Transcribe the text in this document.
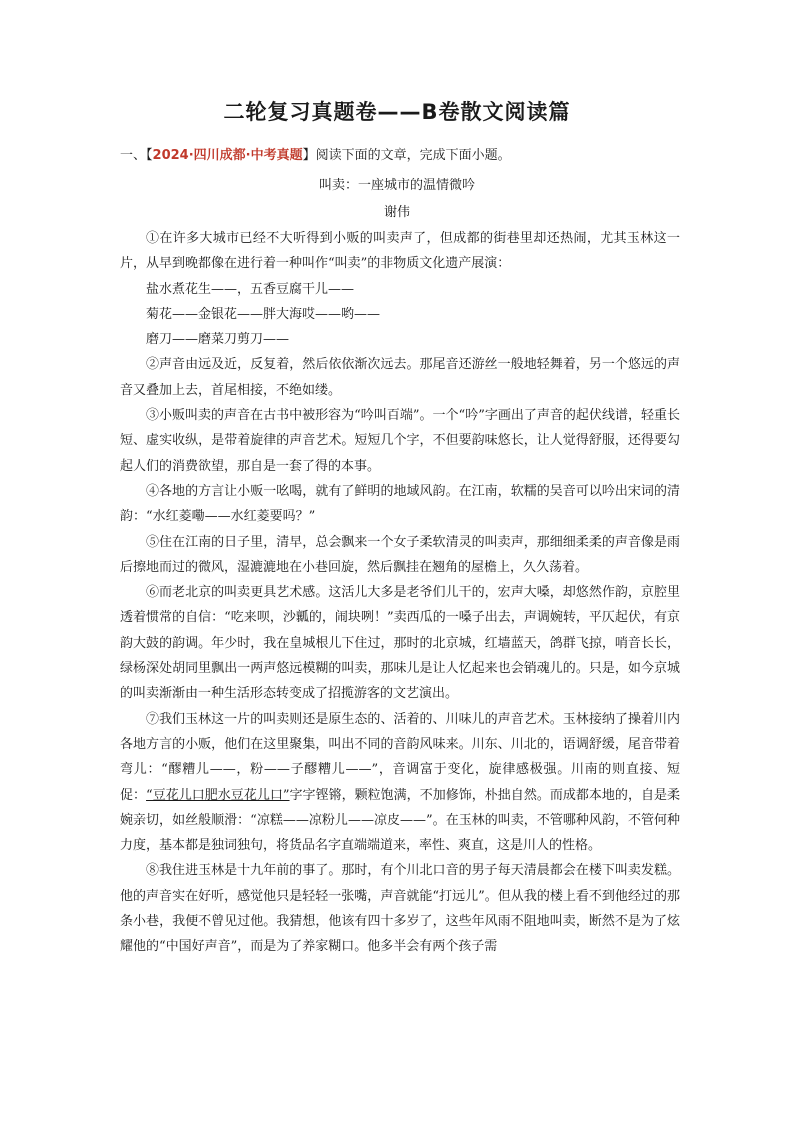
二轮复习真题卷——B卷散文阅读篇

一、【2024·四川成都·中考真题】阅读下面的文章，完成下面小题。

叫卖：一座城市的温情微吟

谢伟

①在许多大城市已经不大听得到小贩的叫卖声了，但成都的街巷里却还热闹，尤其玉林这一片，从早到晚都像在进行着一种叫作“叫卖”的非物质文化遗产展演：

盐水煮花生——，五香豆腐干儿——

菊花——金银花——胖大海哎——哟——

磨刀——磨菜刀剪刀——

②声音由远及近，反复着，然后依依渐次远去。那尾音还游丝一般地轻舞着，另一个悠远的声音又叠加上去，首尾相接，不绝如缕。

③小贩叫卖的声音在古书中被形容为“吟叫百端”。一个“吟”字画出了声音的起伏线谱，轻重长短、虚实收纵，是带着旋律的声音艺术。短短几个字，不但要韵味悠长，让人觉得舒服，还得要勾起人们的消费欲望，那自是一套了得的本事。

④各地的方言让小贩一吆喝，就有了鲜明的地域风韵。在江南，软糯的吴音可以吟出宋词的清韵：“水红菱嘞——水红菱要吗？”

⑤住在江南的日子里，清早，总会飘来一个女子柔软清灵的叫卖声，那细细柔柔的声音像是雨后擦地而过的微风，湿漉漉地在小巷回旋，然后飘挂在翘角的屋檐上，久久荡着。

⑥而老北京的叫卖更具艺术感。这活儿大多是老爷们儿干的，宏声大嗓，却悠然作韵，京腔里透着惯常的自信：“吃来呗，沙瓤的，闹块咧！”卖西瓜的一嗓子出去，声调婉转，平仄起伏，有京韵大鼓的韵调。年少时，我在皇城根儿下住过，那时的北京城，红墙蓝天，鸽群飞掠，哨音长长，绿杨深处胡同里飘出一两声悠远模糊的叫卖，那味儿是让人忆起来也会销魂儿的。只是，如今京城的叫卖渐渐由一种生活形态转变成了招揽游客的文艺演出。

⑦我们玉林这一片的叫卖则还是原生态的、活着的、川味儿的声音艺术。玉林接纳了操着川内各地方言的小贩，他们在这里聚集，叫出不同的音韵风味来。川东、川北的，语调舒缓，尾音带着弯儿：“醪糟儿——，粉——子醪糟儿——”，音调富于变化，旋律感极强。川南的则直接、短促：“豆花儿口肥水豆花儿口”字字铿锵，颗粒饱满，不加修饰，朴拙自然。而成都本地的，自是柔婉亲切，如丝般顺滑：“凉糕——凉粉儿——凉皮——”。在玉林的叫卖，不管哪种风韵，不管何种力度，基本都是独词独句，将货品名字直端端道来，率性、爽直，这是川人的性格。

⑧我住进玉林是十九年前的事了。那时，有个川北口音的男子每天清晨都会在楼下叫卖发糕。他的声音实在好听，感觉他只是轻轻一张嘴，声音就能“打远儿”。但从我的楼上看不到他经过的那条小巷，我便不曾见过他。我猜想，他该有四十多岁了，这些年风雨不阻地叫卖，断然不是为了炫耀他的“中国好声音”，而是为了养家糊口。他多半会有两个孩子需
